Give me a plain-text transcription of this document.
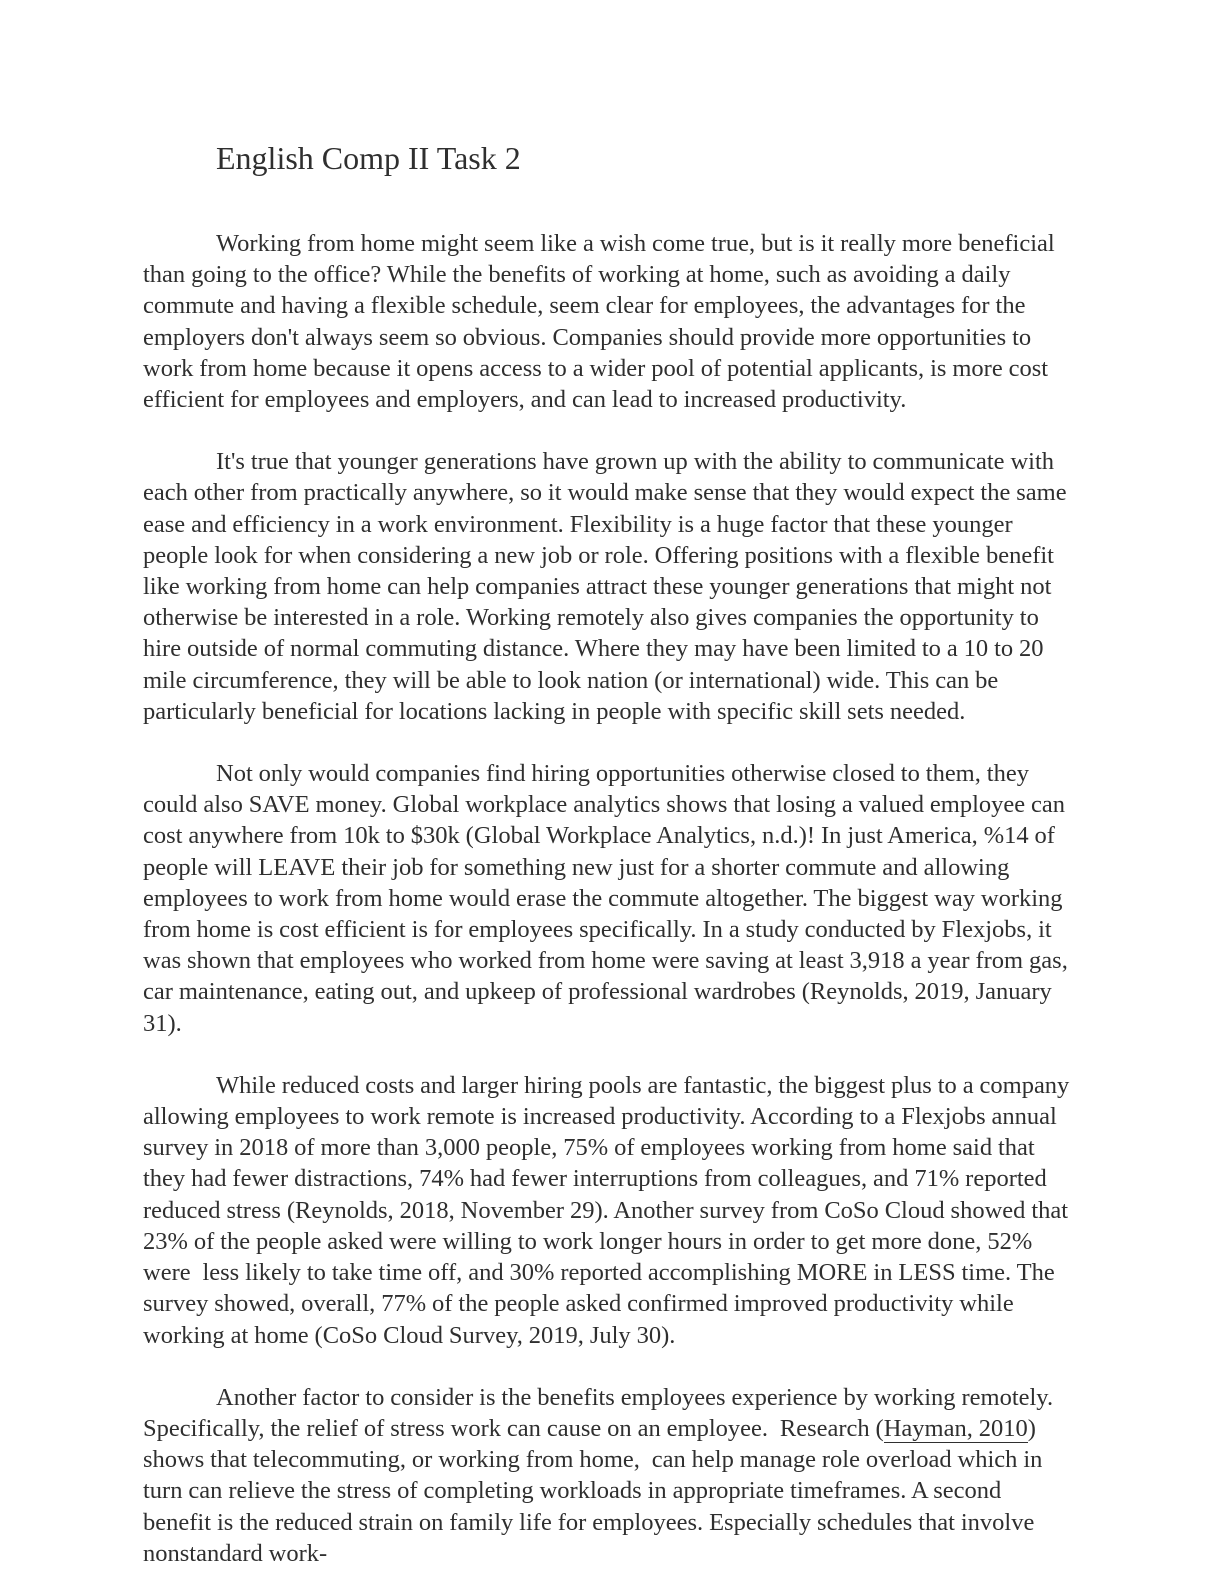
English Comp II Task 2

Working from home might seem like a wish come true, but is it really more beneficial than going to the office? While the benefits of working at home, such as avoiding a daily commute and having a flexible schedule, seem clear for employees, the advantages for the employers don't always seem so obvious. Companies should provide more opportunities to work from home because it opens access to a wider pool of potential applicants, is more cost efficient for employees and employers, and can lead to increased productivity.

It's true that younger generations have grown up with the ability to communicate with each other from practically anywhere, so it would make sense that they would expect the same ease and efficiency in a work environment. Flexibility is a huge factor that these younger people look for when considering a new job or role. Offering positions with a flexible benefit like working from home can help companies attract these younger generations that might not otherwise be interested in a role. Working remotely also gives companies the opportunity to hire outside of normal commuting distance. Where they may have been limited to a 10 to 20 mile circumference, they will be able to look nation (or international) wide. This can be particularly beneficial for locations lacking in people with specific skill sets needed.

Not only would companies find hiring opportunities otherwise closed to them, they could also SAVE money. Global workplace analytics shows that losing a valued employee can cost anywhere from 10k to $30k (Global Workplace Analytics, n.d.)! In just America, %14 of people will LEAVE their job for something new just for a shorter commute and allowing employees to work from home would erase the commute altogether. The biggest way working from home is cost efficient is for employees specifically. In a study conducted by Flexjobs, it was shown that employees who worked from home were saving at least 3,918 a year from gas, car maintenance, eating out, and upkeep of professional wardrobes (Reynolds, 2019, January 31).

While reduced costs and larger hiring pools are fantastic, the biggest plus to a company allowing employees to work remote is increased productivity. According to a Flexjobs annual survey in 2018 of more than 3,000 people, 75% of employees working from home said that they had fewer distractions, 74% had fewer interruptions from colleagues, and 71% reported reduced stress (Reynolds, 2018, November 29). Another survey from CoSo Cloud showed that 23% of the people asked were willing to work longer hours in order to get more done, 52% were  less likely to take time off, and 30% reported accomplishing MORE in LESS time. The survey showed, overall, 77% of the people asked confirmed improved productivity while working at home (CoSo Cloud Survey, 2019, July 30).

Another factor to consider is the benefits employees experience by working remotely. Specifically, the relief of stress work can cause on an employee.  Research (Hayman, 2010) shows that telecommuting, or working from home,  can help manage role overload which in turn can relieve the stress of completing workloads in appropriate timeframes. A second benefit is the reduced strain on family life for employees. Especially schedules that involve nonstandard work-
